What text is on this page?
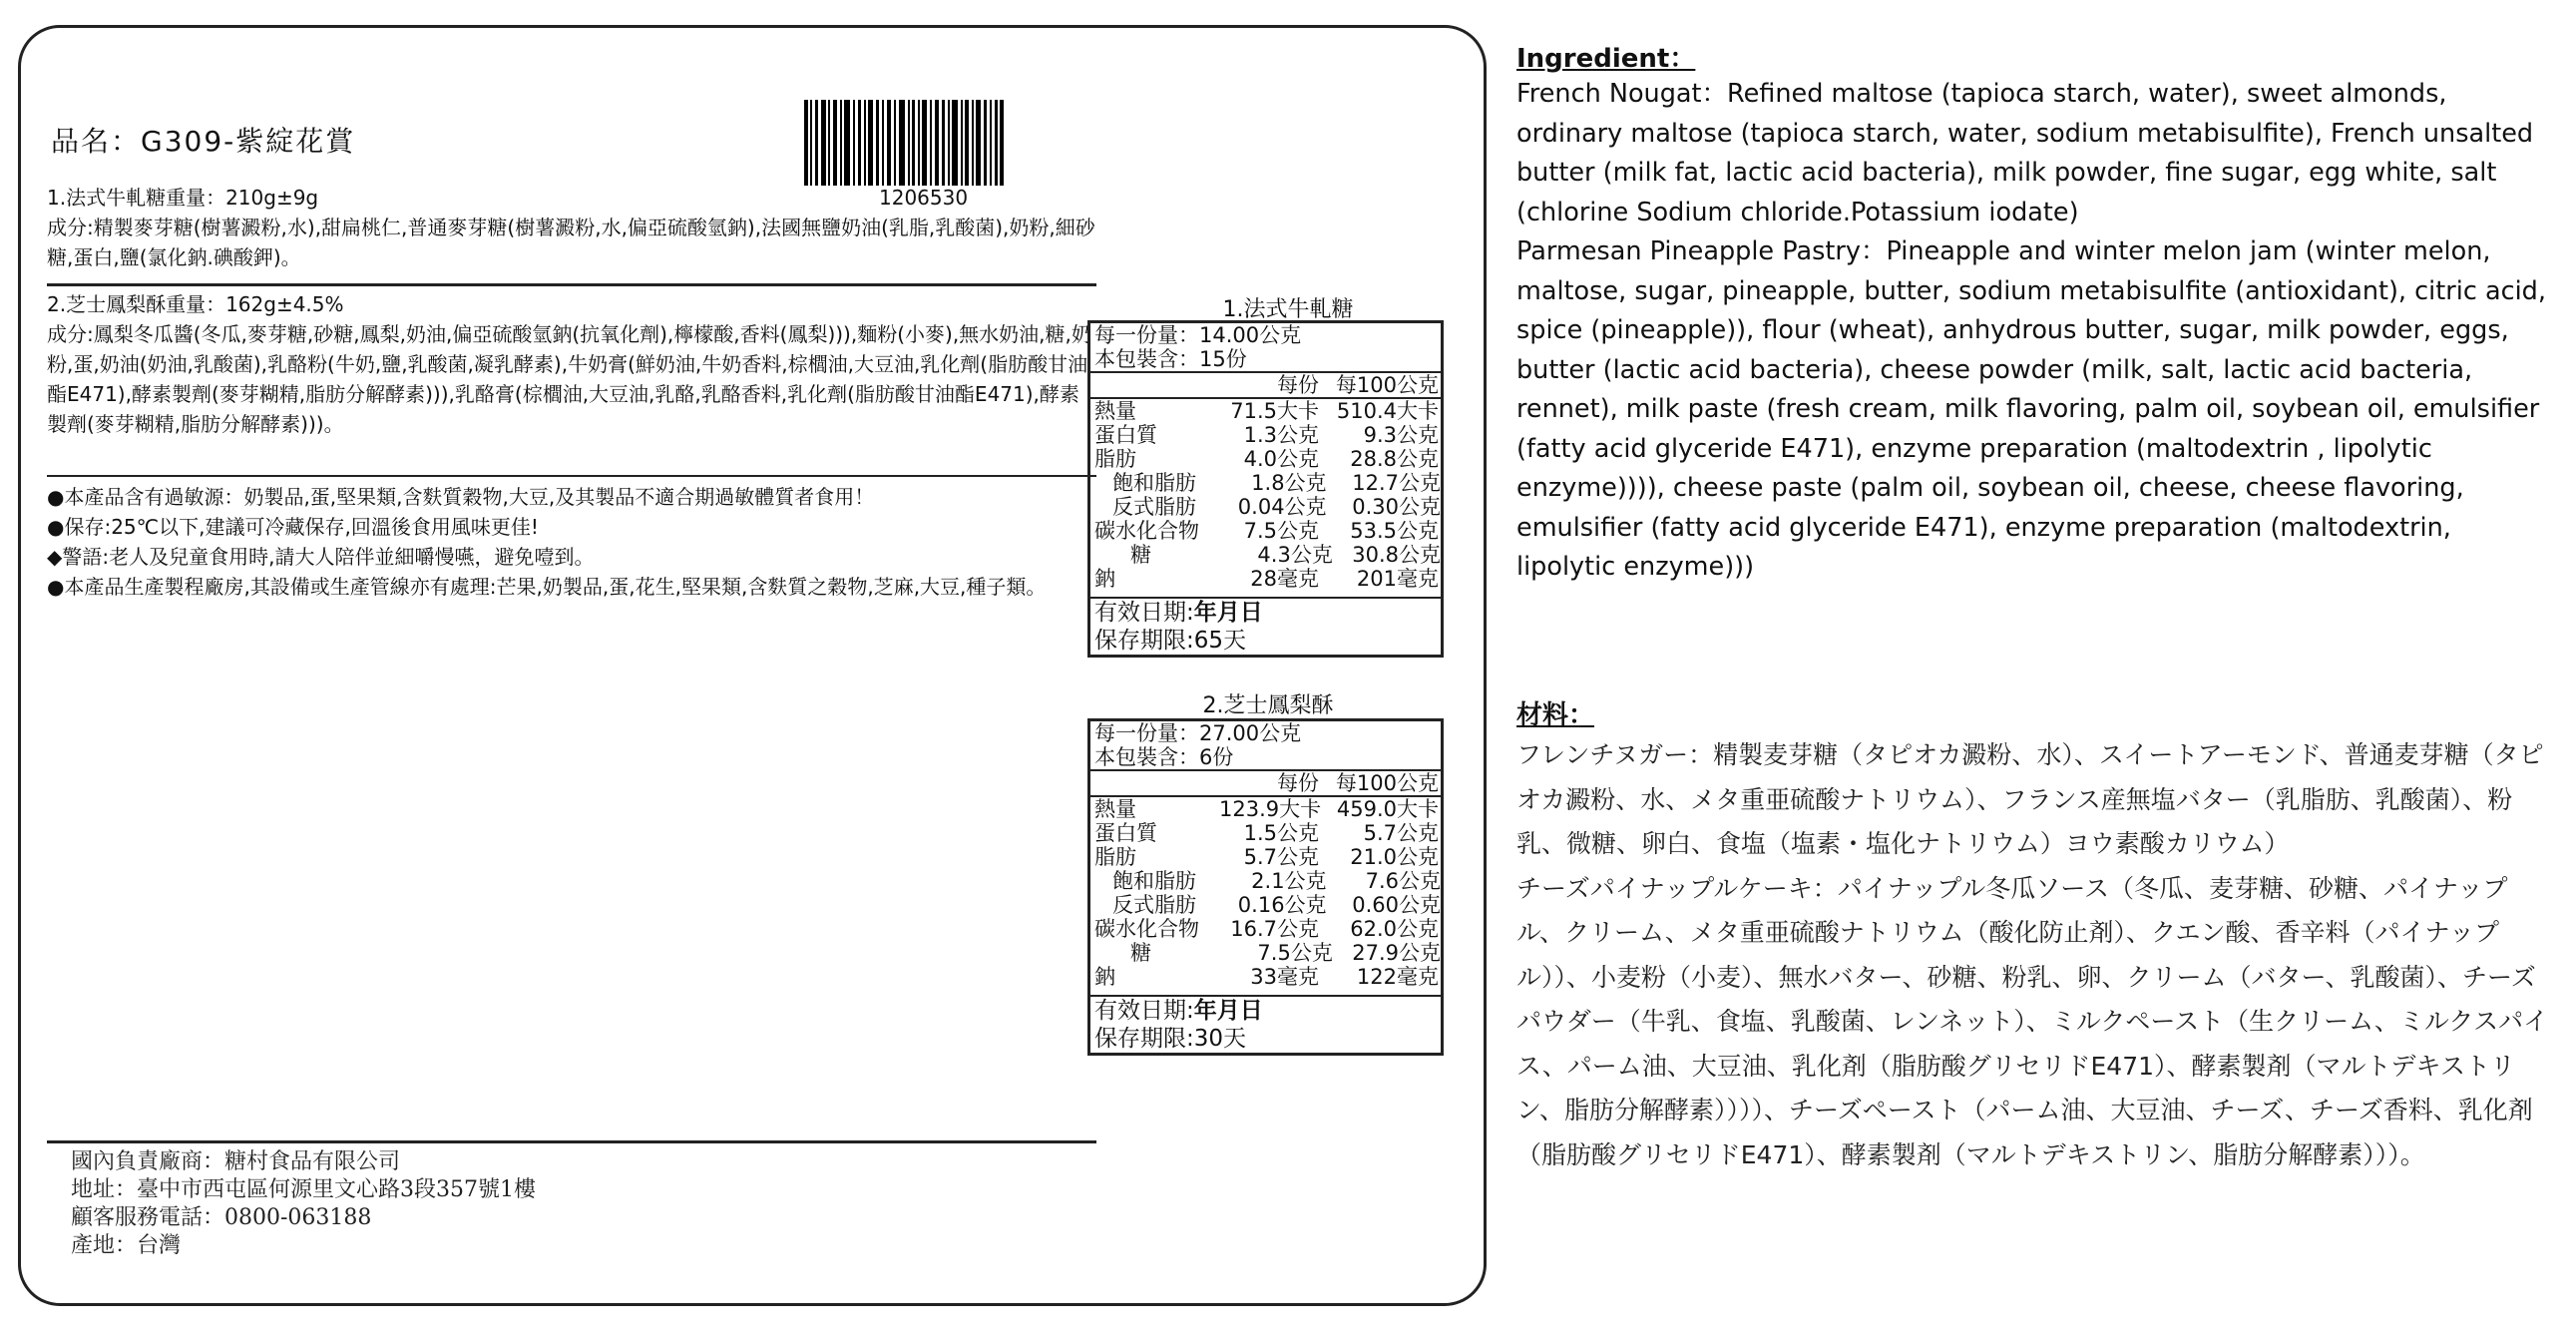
品名：G309-紫綻花賞
1206530
1.法式牛軋糖重量：210g±9g
成分:精製麥芽糖(樹薯澱粉,水),甜扁桃仁,普通麥芽糖(樹薯澱粉,水,偏亞硫酸氫鈉),法國無鹽奶油(乳脂,乳酸菌),奶粉,細砂糖,蛋白,鹽(氯化鈉.碘酸鉀)。
2.芝士鳳梨酥重量：162g±4.5%
成分:鳳梨冬瓜醬(冬瓜,麥芽糖,砂糖,鳳梨,奶油,偏亞硫酸氫鈉(抗氧化劑),檸檬酸,香料(鳳梨))),麵粉(小麥),無水奶油,糖,奶粉,蛋,奶油(奶油,乳酸菌),乳酪粉(牛奶,鹽,乳酸菌,凝乳酵素),牛奶膏(鮮奶油,牛奶香料,棕櫚油,大豆油,乳化劑(脂肪酸甘油酯E471),酵素製劑(麥芽糊精,脂肪分解酵素))),乳酪膏(棕櫚油,大豆油,乳酪,乳酪香料,乳化劑(脂肪酸甘油酯E471),酵素製劑(麥芽糊精,脂肪分解酵素)))。
●本產品含有過敏源：奶製品,蛋,堅果類,含麩質穀物,大豆,及其製品不適合期過敏體質者食用！
●保存:25℃以下,建議可冷藏保存,回溫後食用風味更佳!
◆警語:老人及兒童食用時,請大人陪伴並細嚼慢嚥，避免噎到。
●本產品生產製程廠房,其設備或生產管線亦有處理:芒果,奶製品,蛋,花生,堅果類,含麩質之穀物,芝麻,大豆,種子類。
1.法式牛軋糖
每一份量：14.00公克
本包裝含：15份
每份 每100公克
熱量	71.5大卡 510.4大卡
蛋白質	1.3公克	9.3公克
脂肪	4.0公克	28.8公克
飽和脂肪	1.8公克	12.7公克
反式脂肪	0.04公克	0.30公克
碳水化合物	7.5公克	53.5公克
糖	4.3公克 30.8公克
鈉	28毫克	201毫克
有效日期:年月日
保存期限:65天
2.芝士鳳梨酥
每一份量：27.00公克
本包裝含：6份
每份 每100公克
熱量	123.9大卡 459.0大卡
蛋白質	1.5公克	5.7公克
脂肪	5.7公克	21.0公克
飽和脂肪	2.1公克	7.6公克
反式脂肪	0.16公克	0.60公克
碳水化合物	16.7公克	62.0公克
糖	7.5公克 27.9公克
鈉	33毫克	122毫克
有效日期:年月日
保存期限:30天
國內負責廠商：糖村食品有限公司
地址：臺中市西屯區何源里文心路3段357號1樓
顧客服務電話：0800-063188
產地：台灣
Ingredient：
French Nougat：Refined maltose (tapioca starch, water), sweet almonds, ordinary maltose (tapioca starch, water, sodium metabisulfite), French unsalted butter (milk fat, lactic acid bacteria), milk powder, fine sugar, egg white, salt (chlorine Sodium chloride.Potassium iodate)
Parmesan Pineapple Pastry：Pineapple and winter melon jam (winter melon, maltose, sugar, pineapple, butter, sodium metabisulfite (antioxidant), citric acid, spice (pineapple)), flour (wheat), anhydrous butter, sugar, milk powder, eggs, butter (lactic acid bacteria), cheese powder (milk, salt, lactic acid bacteria, rennet), milk paste (fresh cream, milk flavoring, palm oil, soybean oil, emulsifier (fatty acid glyceride E471), enzyme preparation (maltodextrin , lipolytic enzyme)))), cheese paste (palm oil, soybean oil, cheese, cheese flavoring, emulsifier (fatty acid glyceride E471), enzyme preparation (maltodextrin, lipolytic enzyme)))
材料：
フレンチヌガー：精製麦芽糖（タピオカ澱粉、水）、スイートアーモンド、普通麦芽糖（タピオカ澱粉、水、メタ重亜硫酸ナトリウム）、フランス産無塩バター（乳脂肪、乳酸菌）、粉乳、微糖、卵白、食塩（塩素・塩化ナトリウム）ヨウ素酸カリウム）
チーズパイナップルケーキ：パイナップル冬瓜ソース（冬瓜、麦芽糖、砂糖、パイナップル、クリーム、メタ重亜硫酸ナトリウム（酸化防止剤）、クエン酸、香辛料（パイナップル））、小麦粉（小麦）、無水バター、砂糖、粉乳、卵、クリーム（バター、乳酸菌）、チーズパウダー（牛乳、食塩、乳酸菌、レンネット）、ミルクペースト（生クリーム、ミルクスパイス、パーム油、大豆油、乳化剤（脂肪酸グリセリドE471）、酵素製剤（マルトデキストリン、脂肪分解酵素））））、チーズペースト（パーム油、大豆油、チーズ、チーズ香料、乳化剤（脂肪酸グリセリドE471）、酵素製剤（マルトデキストリン、脂肪分解酵素）））。
